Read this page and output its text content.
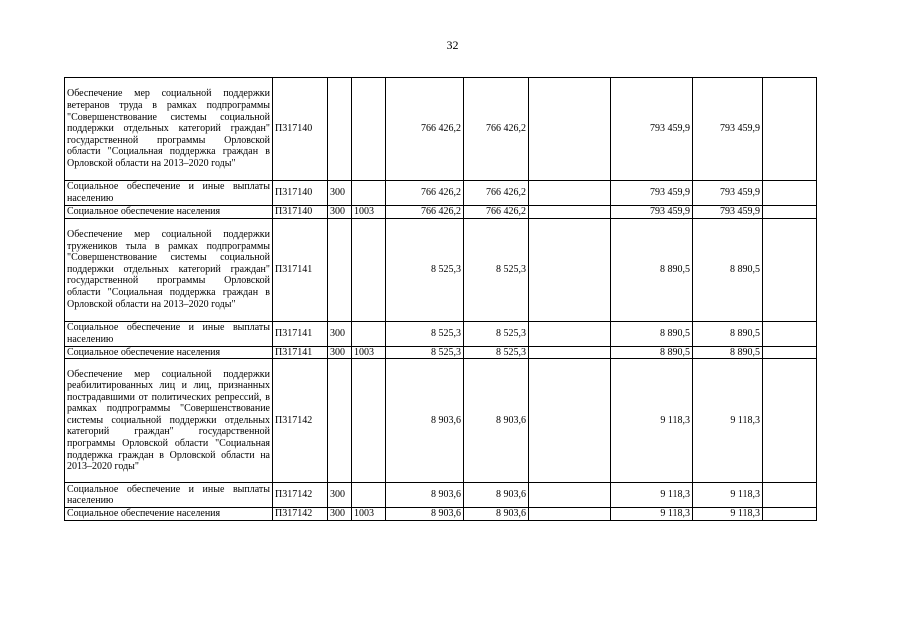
32
Обеспечение мер социальной поддержки ветеранов труда в рамках подпрограммы "Совершенствование системы социальной поддержки отдельных категорий граждан" государственной программы Орловской области "Социальная поддержка граждан в Орловской области на 2013–2020 годы"	П317140			766 426,2	766 426,2		793 459,9	793 459,9	
Социальное обеспечение и иные выплаты населению	П317140	300		766 426,2	766 426,2		793 459,9	793 459,9	
Социальное обеспечение населения	П317140	300	1003	766 426,2	766 426,2		793 459,9	793 459,9	
Обеспечение мер социальной поддержки тружеников тыла в рамках подпрограммы "Совершенствование системы социальной поддержки отдельных категорий граждан" государственной программы Орловской области "Социальная поддержка граждан в Орловской области на 2013–2020 годы"	П317141			8 525,3	8 525,3		8 890,5	8 890,5	
Социальное обеспечение и иные выплаты населению	П317141	300		8 525,3	8 525,3		8 890,5	8 890,5	
Социальное обеспечение населения	П317141	300	1003	8 525,3	8 525,3		8 890,5	8 890,5	
Обеспечение мер социальной поддержки реабилитированных лиц и лиц, признанных пострадавшими от политических репрессий, в рамках подпрограммы "Совершенствование системы социальной поддержки отдельных категорий граждан" государственной программы Орловской области "Социальная поддержка граждан в Орловской области на 2013–2020 годы"	П317142			8 903,6	8 903,6		9 118,3	9 118,3	
Социальное обеспечение и иные выплаты населению	П317142	300		8 903,6	8 903,6		9 118,3	9 118,3	
Социальное обеспечение населения	П317142	300	1003	8 903,6	8 903,6		9 118,3	9 118,3	
